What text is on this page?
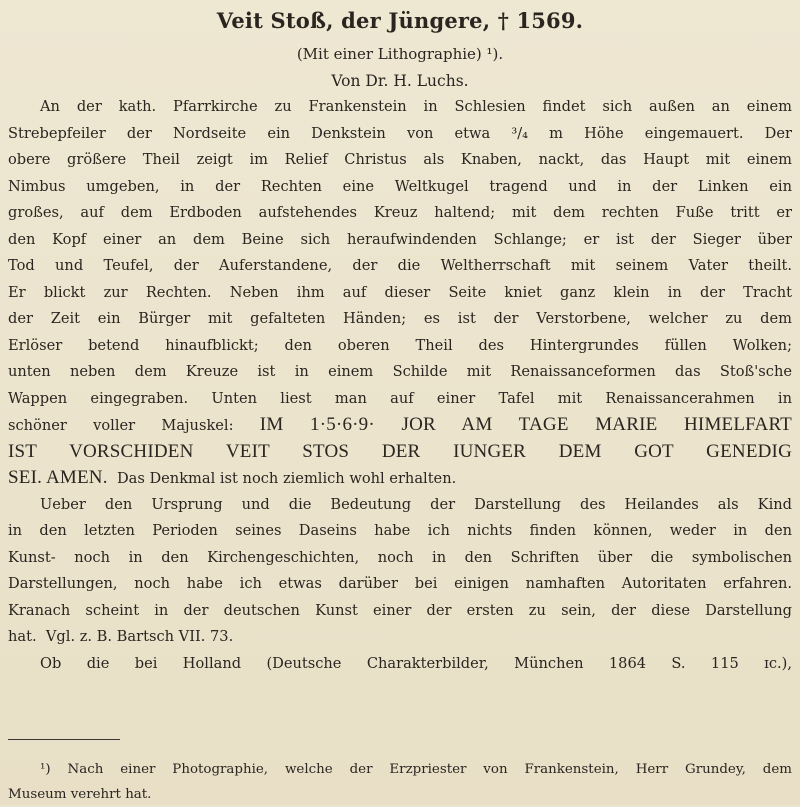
Veit Stoß, der Jüngere, † 1569.
(Mit einer Lithographie) ¹).
Von Dr. H. Luchs.
An der kath. Pfarrkirche zu Frankenstein in Schlesien findet sich außen an einem
Strebepfeiler der Nordseite ein Denkstein von etwa ³/₄ m Höhe eingemauert. Der
obere größere Theil zeigt im Relief Christus als Knaben, nackt, das Haupt mit einem
Nimbus umgeben, in der Rechten eine Weltkugel tragend und in der Linken ein
großes, auf dem Erdboden aufstehendes Kreuz haltend; mit dem rechten Fuße tritt er
den Kopf einer an dem Beine sich heraufwindenden Schlange; er ist der Sieger über
Tod und Teufel, der Auferstandene, der die Weltherrschaft mit seinem Vater theilt.
Er blickt zur Rechten. Neben ihm auf dieser Seite kniet ganz klein in der Tracht
der Zeit ein Bürger mit gefalteten Händen; es ist der Verstorbene, welcher zu dem
Erlöser betend hinaufblickt; den oberen Theil des Hintergrundes füllen Wolken;
unten neben dem Kreuze ist in einem Schilde mit Renaissanceformen das Stoß'sche
Wappen eingegraben. Unten liest man auf einer Tafel mit Renaissancerahmen in
schöner voller Majuskel: IM 1·5·6·9· JOR AM TAGE MARIE HIMELFART
IST VORSCHIDEN VEIT STOS DER IUNGER DEM GOT GENEDIG
SEI. AMEN. Das Denkmal ist noch ziemlich wohl erhalten.
Ueber den Ursprung und die Bedeutung der Darstellung des Heilandes als Kind
in den letzten Perioden seines Daseins habe ich nichts finden können, weder in den
Kunst- noch in den Kirchengeschichten, noch in den Schriften über die symbolischen
Darstellungen, noch habe ich etwas darüber bei einigen namhaften Autoritaten erfahren.
Kranach scheint in der deutschen Kunst einer der ersten zu sein, der diese Darstellung
hat. Vgl. z. B. Bartsch VII. 73.
Ob die bei Holland (Deutsche Charakterbilder, München 1864 S. 115 ɪc.),
¹) Nach einer Photographie, welche der Erzpriester von Frankenstein, Herr Grundey, dem
Museum verehrt hat.
